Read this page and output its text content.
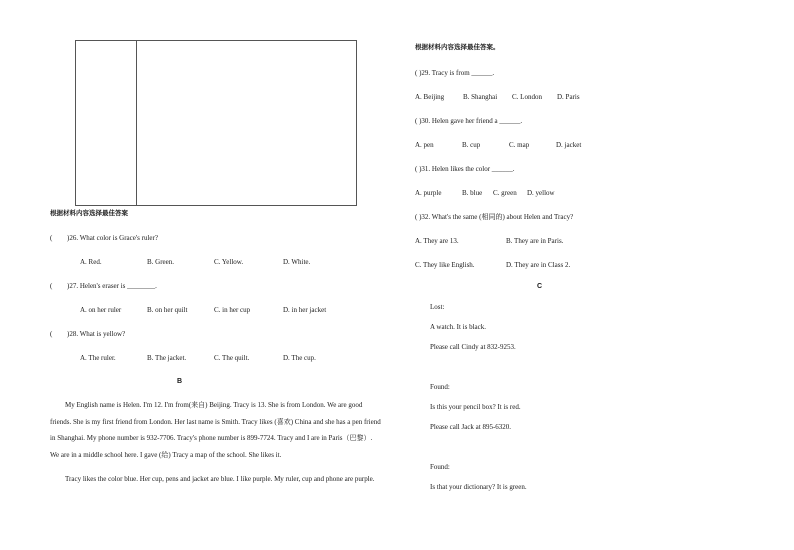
根据材料内容选择最佳答案
( )26. What color is Grace's ruler?
A. Red.	B. Green.	C. Yellow.	D. White.
( )27. Helen's eraser is ________.
A. on her ruler	B. on her quilt	C. in her cup	D. in her jacket
( )28. What is yellow?
A. The ruler.	B. The jacket.	C. The quilt.	D. The cup.
B
My English name is Helen. I'm 12. I'm from(来自) Beijing. Tracy is 13. She is from London. We are good friends. She is my first friend from London. Her last name is Smith. Tracy likes (喜欢) China and she has a pen friend in Shanghai. My phone number is 932-7706. Tracy's phone number is 899-7724. Tracy and I are in Paris（巴黎）. We are in a middle school here. I gave (给) Tracy a map of the school. She likes it.
Tracy likes the color blue. Her cup, pens and jacket are blue. I like purple. My ruler, cup and phone are purple.
根据材料内容选择最佳答案。
( )29. Tracy is from ______.
A. Beijing	B. Shanghai C. London D. Paris
( )30. Helen gave her friend a ______.
A. pen	B. cup	C. map	D. jacket
( )31. Helen likes the color ______.
A. purple	B. blue C. green D. yellow
( )32. What's the same (相同的) about Helen and Tracy?
A. They are 13.	B. They are in Paris.
C. They like English.	D. They are in Class 2.
C
Lost:
A watch. It is black.
Please call Cindy at 832-9253.
Found:
Is this your pencil box? It is red.
Please call Jack at 895-6320.
Found:
Is that your dictionary? It is green.
